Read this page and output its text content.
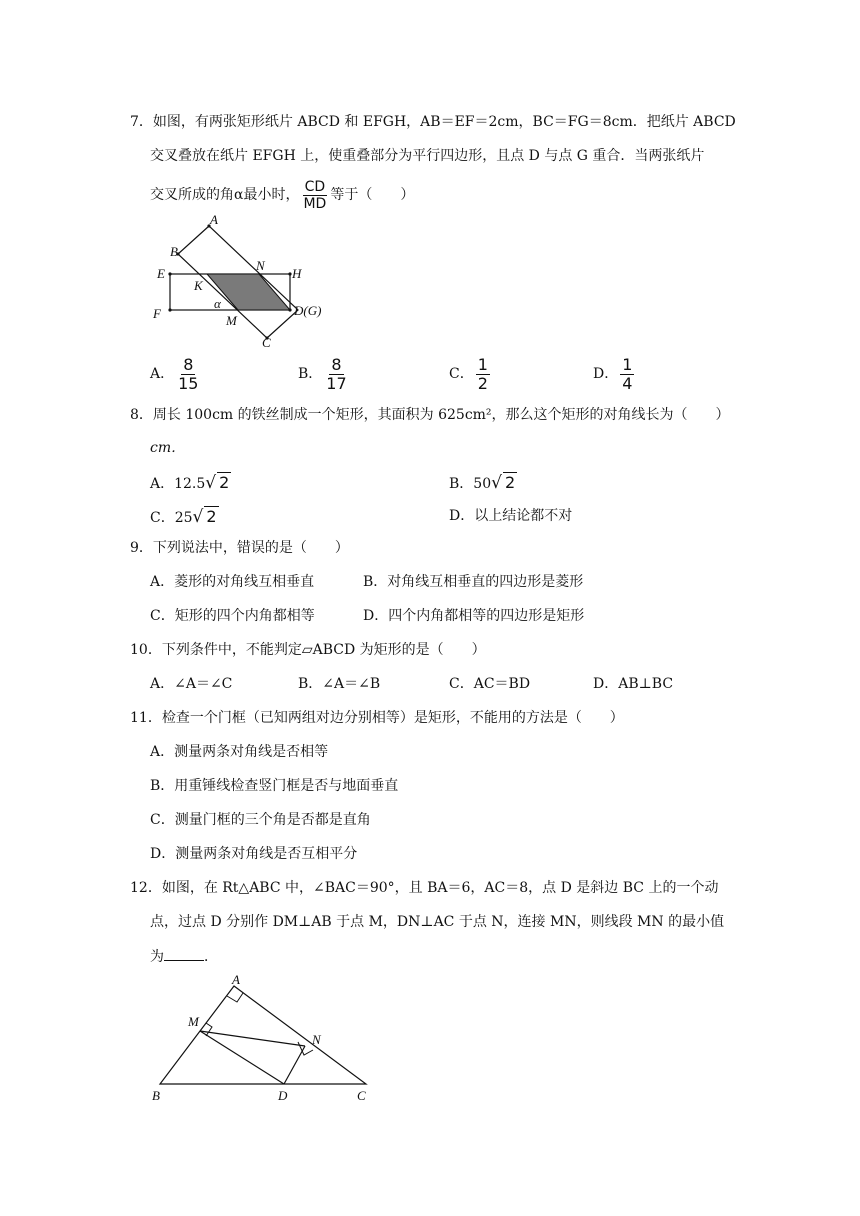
7．如图，有两张矩形纸片 ABCD 和 EFGH，AB＝EF＝2cm，BC＝FG＝8cm．把纸片 ABCD
交叉叠放在纸片 EFGH 上，使重叠部分为平行四边形，且点 D 与点 G 重合．当两张纸片
交叉所成的角α最小时， $\frac{CD}{MD}$ 等于（　　）
A
B
E
F
N
H
K
α
M
D(G)
C
A． $\frac{8}{15}$	B． $\frac{8}{17}$	C． $\frac{1}{2}$	D． $\frac{1}{4}$
8．周长 100cm 的铁丝制成一个矩形，其面积为 625cm²，那么这个矩形的对角线长为（　　）
cm．
A．12.5√ 2	B．50√ 2
C．25√ 2	D．以上结论都不对
9．下列说法中，错误的是（　　）
A．菱形的对角线互相垂直	B．对角线互相垂直的四边形是菱形
C．矩形的四个内角都相等	D．四个内角都相等的四边形是矩形
10．下列条件中，不能判定▱ABCD 为矩形的是（　　）
A．∠A＝∠C	B．∠A＝∠B	C．AC＝BD	D．AB⊥BC
11．检查一个门框（已知两组对边分别相等）是矩形，不能用的方法是（　　）
A．测量两条对角线是否相等
B．用重锤线检查竖门框是否与地面垂直
C．测量门框的三个角是否都是直角
D．测量两条对角线是否互相平分
12．如图，在 Rt△ABC 中，∠BAC＝90°，且 BA＝6，AC＝8，点 D 是斜边 BC 上的一个动
点，过点 D 分别作 DM⊥AB 于点 M，DN⊥AC 于点 N，连接 MN，则线段 MN 的最小值
为	．
A
M
N
B	D	C
